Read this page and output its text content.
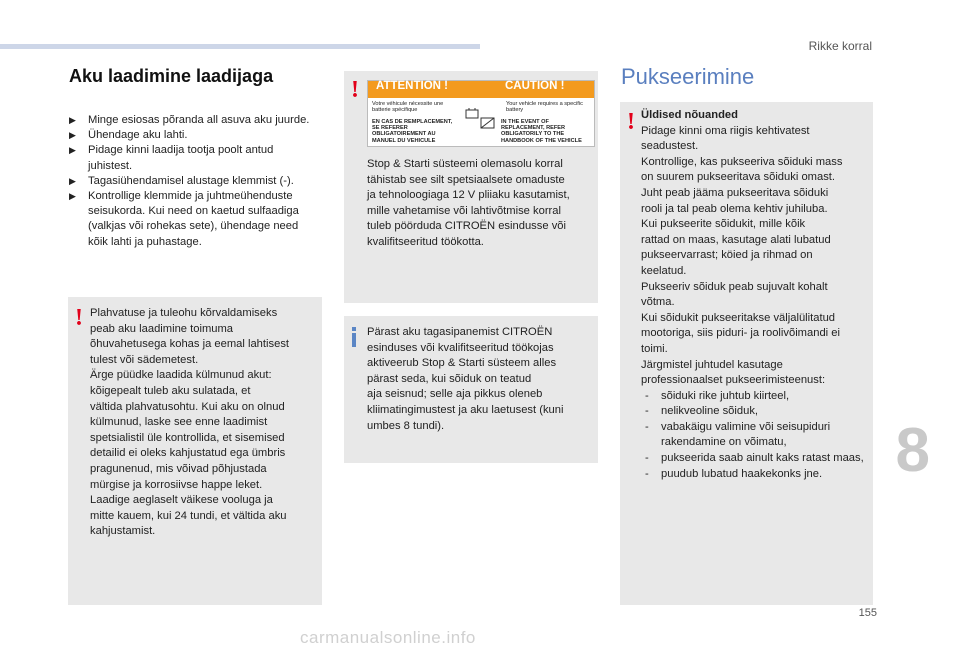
Rikke korral
Aku laadimine laadijaga
▶ Minge esiosas põranda all asuva aku juurde.
▶ Ühendage aku lahti.
▶ Pidage kinni laadija tootja poolt antud juhistest.
▶ Tagasiühendamisel alustage klemmist (-).
▶ Kontrollige klemmide ja juhtmeühenduste seisukorda. Kui need on kaetud sulfaadiga (valkjas või rohekas sete), ühendage need kõik lahti ja puhastage.
! Plahvatuse ja tuleohu kõrvaldamiseks

peab aku laadimine toimuma

õhuvahetusega kohas ja eemal lahtisest

tulest või sädemetest.

Ärge püüdke laadida külmunud akut:

kõigepealt tuleb aku sulatada, et

vältida plahvatusohtu. Kui aku on olnud

külmunud, laske see enne laadimist

spetsialistil üle kontrollida, et sisemised

detailid ei oleks kahjustatud ega ümbris

pragunenud, mis võivad põhjustada

mürgise ja korrosiivse happe leket.

Laadige aeglaselt väikese vooluga ja

mitte kauem, kui 24 tundi, et vältida aku

kahjustamist.

! ATTENTION !	CAUTION !
Votre véhicule nécessite une batterie spécifique
Your vehicle requires a specific battery
EN CAS DE REMPLACEMENT, SE REFERER OBLIGATOIREMENT AU MANUEL DU VEHICULE
IN THE EVENT OF REPLACEMENT, REFER OBLIGATORILY TO THE HANDBOOK OF THE VEHICLE

Stop & Starti süsteemi olemasolu korral

tähistab see silt spetsiaalsete omaduste

ja tehnoloogiaga 12 V pliiaku kasutamist,

mille vahetamise või lahtivõtmise korral

tuleb pöörduda CITROËN esindusse või

kvalifitseeritud töökotta.

Pärast aku tagasipanemist CITROËN

esinduses või kvalifitseeritud töökojas

aktiveerub Stop & Starti süsteem alles

pärast seda, kui sõiduk on teatud

aja seisnud; selle aja pikkus oleneb

kliimatingimustest ja aku laetusest (kuni

umbes 8 tundi).

Pukseerimine
! Üldised nõuanded

Pidage kinni oma riigis kehtivatest

seadustest.

Kontrollige, kas pukseeriva sõiduki mass

on suurem pukseeritava sõiduki omast.

Juht peab jääma pukseeritava sõiduki

rooli ja tal peab olema kehtiv juhiluba.

Kui pukseerite sõidukit, mille kõik

rattad on maas, kasutage alati lubatud

pukseervarrast; köied ja rihmad on

keelatud.

Pukseeriv sõiduk peab sujuvalt kohalt

võtma.

Kui sõidukit pukseeritakse väljalülitatud

mootoriga, siis piduri- ja roolivõimandi ei

toimi.

Järgmistel juhtudel kasutage

professionaalset pukseerimisteenust:

- sõiduki rike juhtub kiirteel,
- nelikveoline sõiduk,
- vabakäigu valimine või seisupiduri rakendamine on võimatu,
- pukseerida saab ainult kaks ratast maas,
- puudub lubatud haakekonks jne.	8
155
carmanualsonline.info
